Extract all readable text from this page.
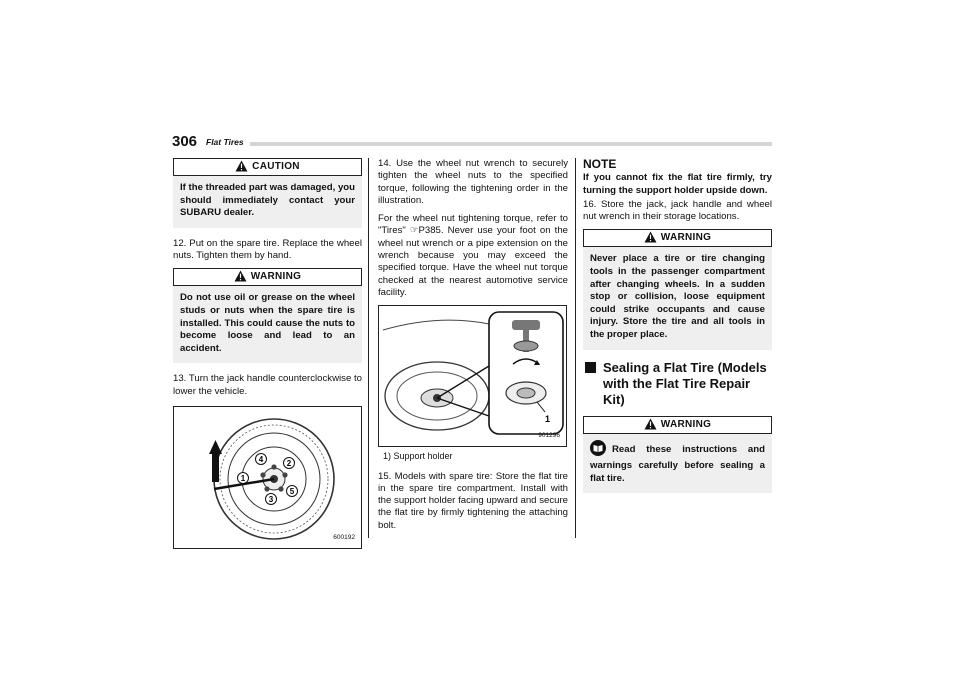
306 Flat Tires
CAUTION
If the threaded part was damaged, you should immediately contact your SUBARU dealer.

12. Put on the spare tire. Replace the wheel nuts. Tighten them by hand.

WARNING
Do not use oil or grease on the wheel studs or nuts when the spare tire is installed. This could cause the nuts to become loose and lead to an accident.

13. Turn the jack handle counterclockwise to lower the vehicle.

1
2
3
4
5
600192

14. Use the wheel nut wrench to securely tighten the wheel nuts to the specified torque, following the tightening order in the illustration.

For the wheel nut tightening torque, refer to "Tires" ☞P385. Never use your foot on the wheel nut wrench or a pipe extension on the wrench because you may exceed the specified torque. Have the wheel nut torque checked at the nearest automotive service facility.

1
901296
1) Support holder

15. Models with spare tire: Store the flat tire in the spare tire compartment. Install with the support holder facing upward and secure the flat tire by firmly tightening the attaching bolt.

NOTE
If you cannot fix the flat tire firmly, try turning the support holder upside down.

16. Store the jack, jack handle and wheel nut wrench in their storage locations.

WARNING
Never place a tire or tire changing tools in the passenger compartment after changing wheels. In a sudden stop or collision, loose equipment could strike occupants and cause injury. Store the tire and all tools in the proper place.
Sealing a Flat Tire (Models with the Flat Tire Repair Kit)
WARNING
Read these instructions and warnings carefully before sealing a flat tire.
